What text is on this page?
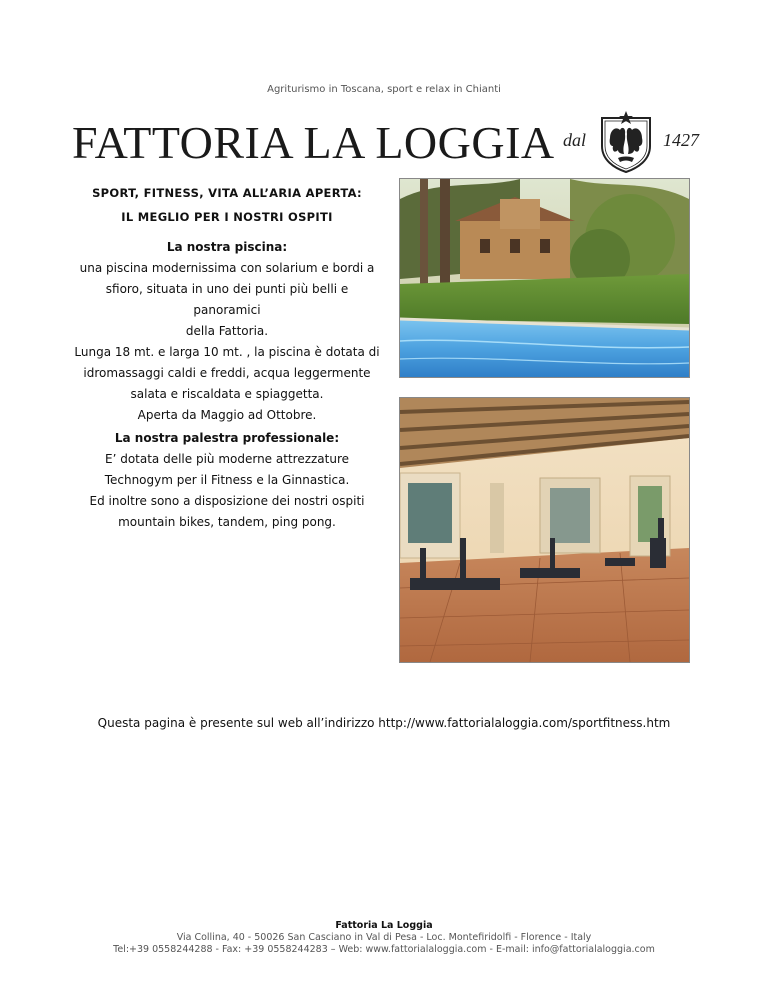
Agriturismo in Toscana, sport e relax in Chianti
FATTORIA LA LOGGIA dal	1427
SPORT, FITNESS, VITA ALL’ARIA APERTA:
IL MEGLIO PER I NOSTRI OSPITI
La nostra piscina:
una piscina modernissima con solarium e bordi a
sfioro, situata in uno dei punti più belli e panoramici
della Fattoria.
Lunga 18 mt. e larga 10 mt. , la piscina è dotata di
idromassaggi caldi e freddi, acqua leggermente
salata e riscaldata e spiaggetta.
Aperta da Maggio ad Ottobre.
La nostra palestra professionale:
E’ dotata delle più moderne attrezzature
Technogym per il Fitness e la Ginnastica.
Ed inoltre sono a disposizione dei nostri ospiti
mountain bikes, tandem, ping pong.
Questa pagina è presente sul web all’indirizzo http://www.fattorialaloggia.com/sportfitness.htm
Fattoria La Loggia
Via Collina, 40 - 50026 San Casciano in Val di Pesa - Loc. Montefiridolfi - Florence - Italy
Tel:+39 0558244288 - Fax: +39 0558244283 – Web: www.fattorialaloggia.com - E-mail: info@fattorialaloggia.com
